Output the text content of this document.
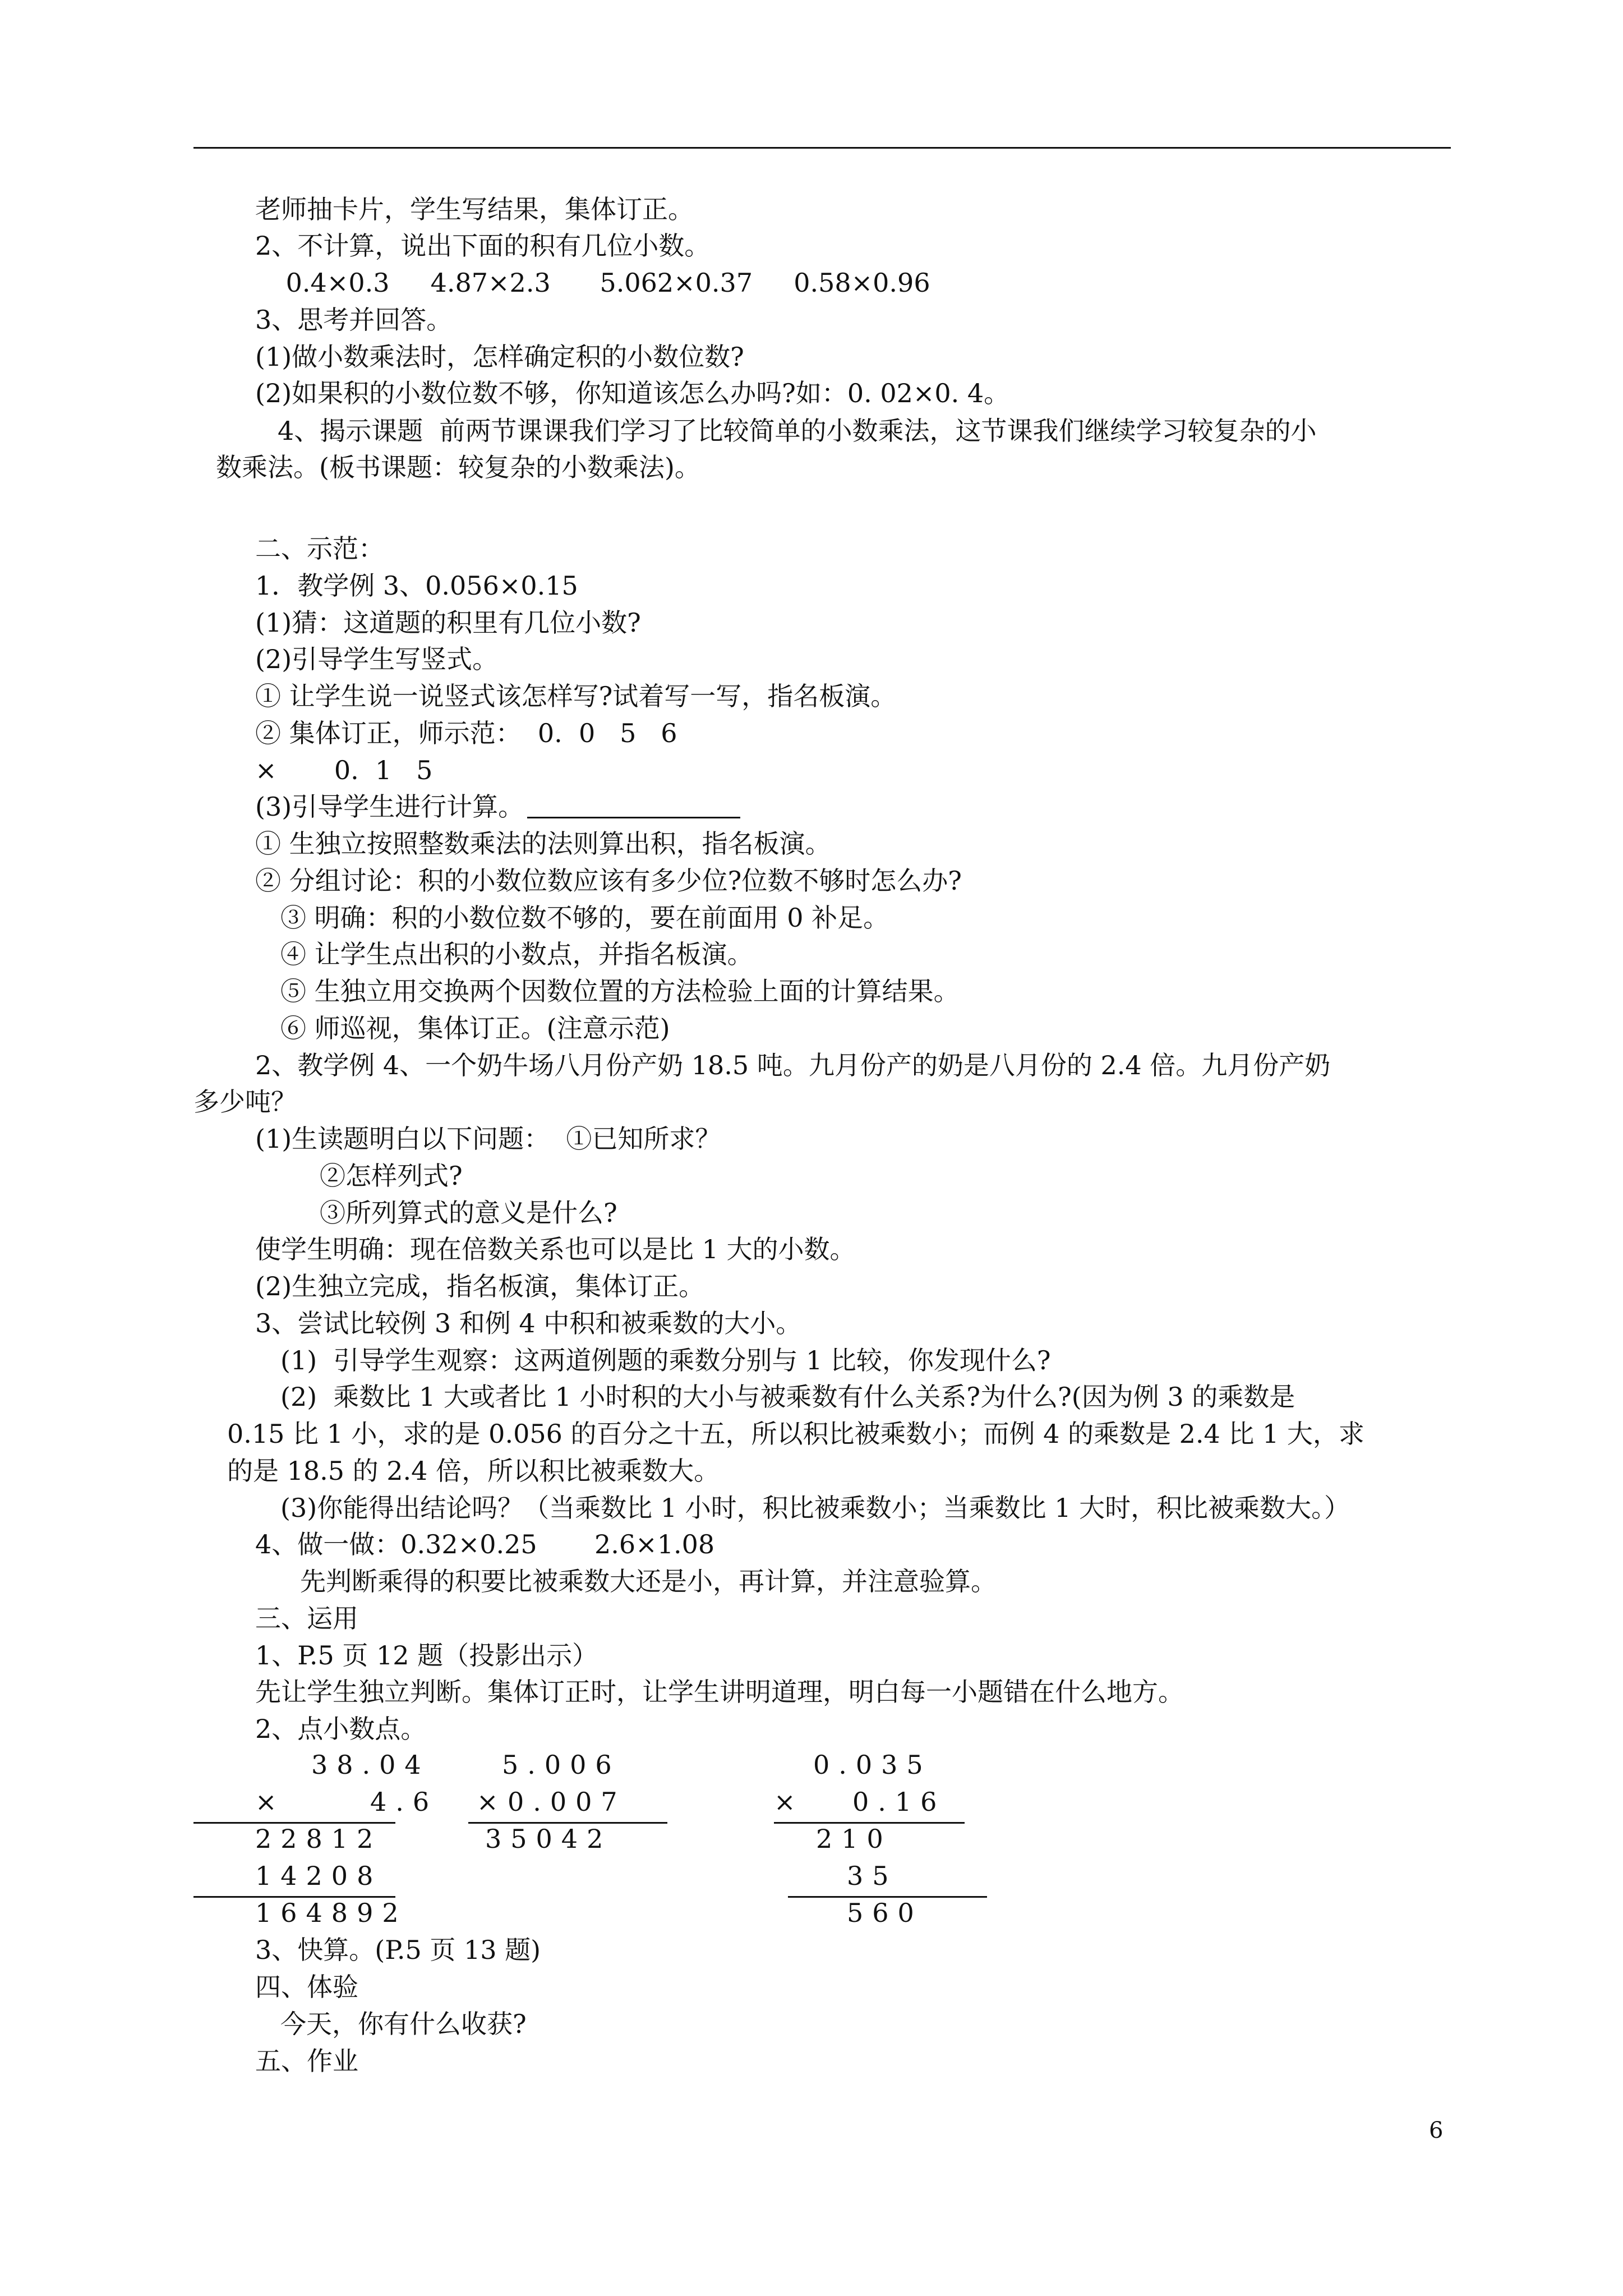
老师抽卡片，学生写结果，集体订正。
2、不计算，说出下面的积有几位小数。
0.4×0.3     4.87×2.3      5.062×0.37     0.58×0.96
3、思考并回答。
(1)做小数乘法时，怎样确定积的小数位数?
(2)如果积的小数位数不够，你知道该怎么办吗?如：0. 02×0. 4。
4、揭示课题  前两节课课我们学习了比较简单的小数乘法，这节课我们继续学习较复杂的小
数乘法。(板书课题：较复杂的小数乘法)。
二、示范：
1．教学例 3、0.056×0.15
(1)猜：这道题的积里有几位小数?
(2)引导学生写竖式。
① 让学生说一说竖式该怎样写?试着写一写，指名板演。
② 集体订正，师示范：  0.  0   5   6
×       0.  1   5
(3)引导学生进行计算。
① 生独立按照整数乘法的法则算出积，指名板演。
② 分组讨论：积的小数位数应该有多少位?位数不够时怎么办?
③ 明确：积的小数位数不够的，要在前面用 0 补足。
④ 让学生点出积的小数点，并指名板演。
⑤ 生独立用交换两个因数位置的方法检验上面的计算结果。
⑥ 师巡视，集体订正。(注意示范)
2、教学例 4、一个奶牛场八月份产奶 18.5 吨。九月份产的奶是八月份的 2.4 倍。九月份产奶
多少吨？
(1)生读题明白以下问题：  ①已知所求？
②怎样列式?
③所列算式的意义是什么?
使学生明确：现在倍数关系也可以是比 1 大的小数。
(2)生独立完成，指名板演，集体订正。
3、尝试比较例 3 和例 4 中积和被乘数的大小。
(1)  引导学生观察：这两道例题的乘数分别与 1 比较，你发现什么?
(2)  乘数比 1 大或者比 1 小时积的大小与被乘数有什么关系?为什么?(因为例 3 的乘数是
0.15 比 1 小，求的是 0.056 的百分之十五，所以积比被乘数小；而例 4 的乘数是 2.4 比 1 大，求
的是 18.5 的 2.4 倍，所以积比被乘数大。
(3)你能得出结论吗？（当乘数比 1 小时，积比被乘数小；当乘数比 1 大时，积比被乘数大。）
4、做一做：0.32×0.25       2.6×1.08
先判断乘得的积要比被乘数大还是小，再计算，并注意验算。
三、运用
1、P.5 页 12 题（投影出示）
先让学生独立判断。集体订正时，让学生讲明道理，明白每一小题错在什么地方。
2、点小数点。
38.04
×	4.6
22812
14208
164892
5.006
× 0.007
35042
0.035
× 0.16
210
35
560
3、快算。(P.5 页 13 题)
四、体验
今天，你有什么收获?
五、作业
6
